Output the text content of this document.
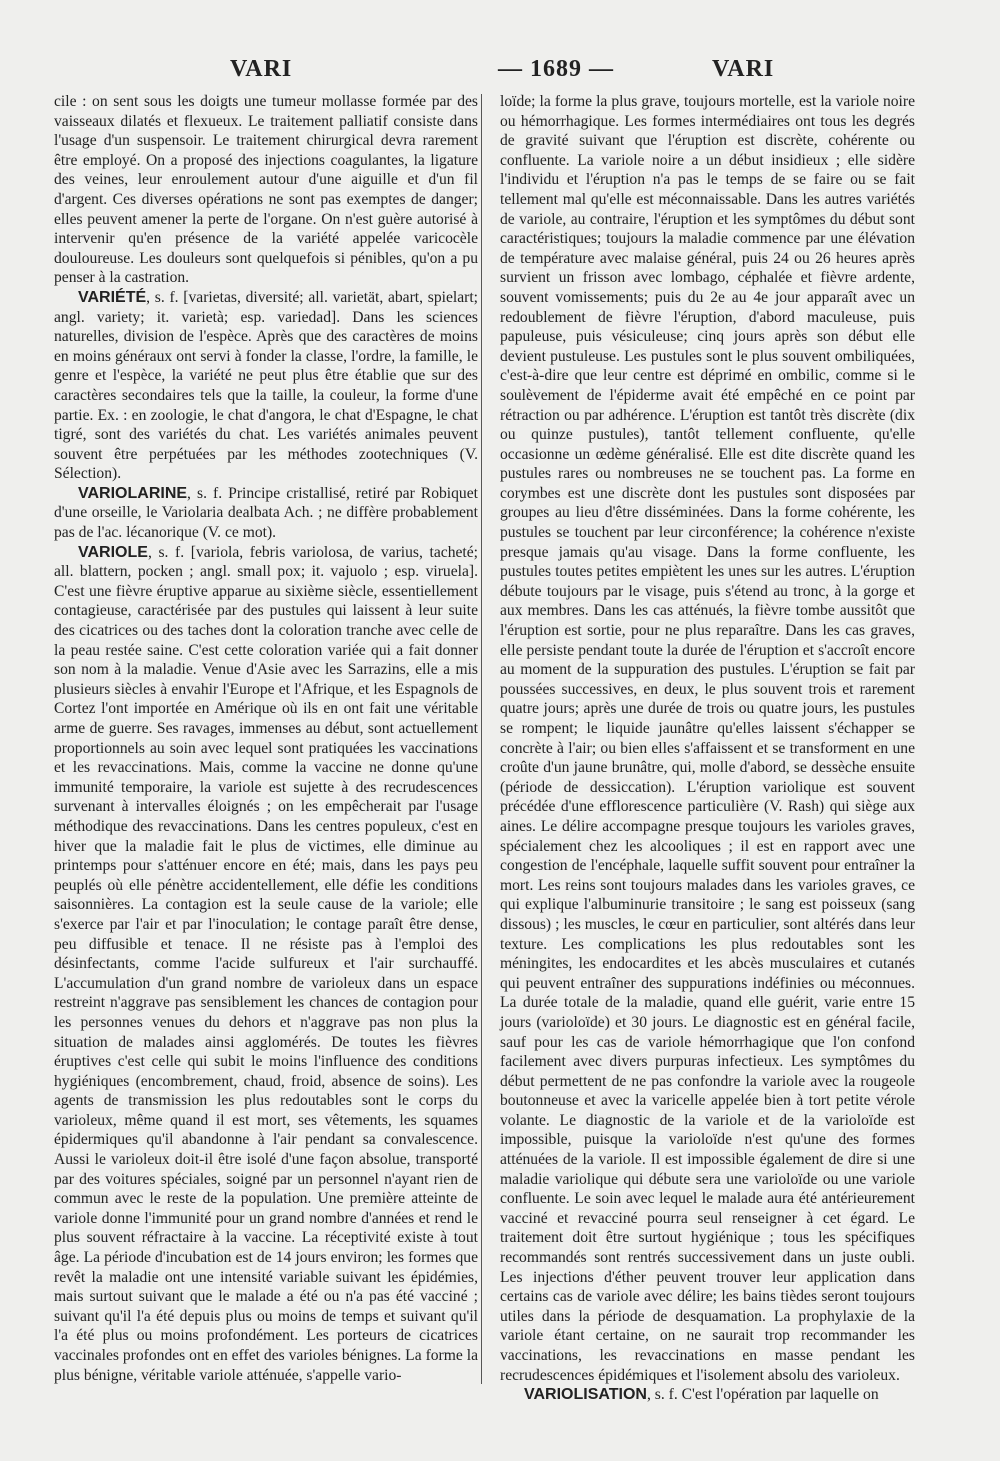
VARI	— 1689 —	VARI

cile : on sent sous les doigts une tumeur mollasse formée par des vaisseaux dilatés et flexueux. Le traitement palliatif consiste dans l'usage d'un suspensoir. Le traitement chirurgical devra rarement être employé. On a proposé des injections coagulantes, la ligature des veines, leur enroulement autour d'une aiguille et d'un fil d'argent. Ces diverses opérations ne sont pas exemptes de danger; elles peuvent amener la perte de l'organe. On n'est guère autorisé à intervenir qu'en présence de la variété appelée varicocèle douloureuse. Les douleurs sont quelquefois si pénibles, qu'on a pu penser à la castration.

VARIÉTÉ, s. f. [varietas, diversité; all. varietät, abart, spielart; angl. variety; it. varietà; esp. variedad]. Dans les sciences naturelles, division de l'espèce. Après que des caractères de moins en moins généraux ont servi à fonder la classe, l'ordre, la famille, le genre et l'espèce, la variété ne peut plus être établie que sur des caractères secondaires tels que la taille, la couleur, la forme d'une partie. Ex. : en zoologie, le chat d'angora, le chat d'Espagne, le chat tigré, sont des variétés du chat. Les variétés animales peuvent souvent être perpétuées par les méthodes zootechniques (V. Sélection).

VARIOLARINE, s. f. Principe cristallisé, retiré par Robiquet d'une orseille, le Variolaria dealbata Ach. ; ne diffère probablement pas de l'ac. lécanorique (V. ce mot).

VARIOLE, s. f. [variola, febris variolosa, de varius, tacheté; all. blattern, pocken ; angl. small pox; it. vajuolo ; esp. viruela]. C'est une fièvre éruptive apparue au sixième siècle, essentiellement contagieuse, caractérisée par des pustules qui laissent à leur suite des cicatrices ou des taches dont la coloration tranche avec celle de la peau restée saine. C'est cette coloration variée qui a fait donner son nom à la maladie. Venue d'Asie avec les Sarrazins, elle a mis plusieurs siècles à envahir l'Europe et l'Afrique, et les Espagnols de Cortez l'ont importée en Amérique où ils en ont fait une véritable arme de guerre. Ses ravages, immenses au début, sont actuellement proportionnels au soin avec lequel sont pratiquées les vaccinations et les revaccinations. Mais, comme la vaccine ne donne qu'une immunité temporaire, la variole est sujette à des recrudescences survenant à intervalles éloignés ; on les empêcherait par l'usage méthodique des revaccinations. Dans les centres populeux, c'est en hiver que la maladie fait le plus de victimes, elle diminue au printemps pour s'atténuer encore en été; mais, dans les pays peu peuplés où elle pénètre accidentellement, elle défie les conditions saisonnières. La contagion est la seule cause de la variole; elle s'exerce par l'air et par l'inoculation; le contagе paraît être dense, peu diffusible et tenace. Il ne résiste pas à l'emploi des désinfectants, comme l'acide sulfureux et l'air surchauffé. L'accumulation d'un grand nombre de varioleux dans un espace restreint n'aggrave pas sensiblement les chances de contagion pour les personnes venues du dehors et n'aggrave pas non plus la situation de malades ainsi agglomérés. De toutes les fièvres éruptives c'est celle qui subit le moins l'influence des conditions hygiéniques (encombrement, chaud, froid, absence de soins). Les agents de transmission les plus redoutables sont le corps du varioleux, même quand il est mort, ses vêtements, les squames épidermiques qu'il abandonne à l'air pendant sa convalescence. Aussi le varioleux doit-il être isolé d'une façon absolue, transporté par des voitures spéciales, soigné par un personnel n'ayant rien de commun avec le reste de la population. Une première atteinte de variole donne l'immunité pour un grand nombre d'années et rend le plus souvent réfractaire à la vaccine. La réceptivité existe à tout âge. La période d'incubation est de 14 jours environ; les formes que revêt la maladie ont une intensité variable suivant les épidémies, mais surtout suivant que le malade a été ou n'a pas été vacciné ; suivant qu'il l'a été depuis plus ou moins de temps et suivant qu'il l'a été plus ou moins profondément. Les porteurs de cicatrices vaccinales profondes ont en effet des varioles bénignes. La forme la plus bénigne, véritable variole atténuée, s'appelle vario-

loïde; la forme la plus grave, toujours mortelle, est la variole noire ou hémorrhagique. Les formes intermédiaires ont tous les degrés de gravité suivant que l'éruption est discrète, cohérente ou confluente. La variole noire a un début insidieux ; elle sidère l'individu et l'éruption n'a pas le temps de se faire ou se fait tellement mal qu'elle est méconnaissable. Dans les autres variétés de variole, au contraire, l'éruption et les symptômes du début sont caractéristiques; toujours la maladie commence par une élévation de température avec malaise général, puis 24 ou 26 heures après survient un frisson avec lombago, céphalée et fièvre ardente, souvent vomissements; puis du 2e au 4e jour apparaît avec un redoublement de fièvre l'éruption, d'abord maculeuse, puis papuleuse, puis vésiculeuse; cinq jours après son début elle devient pustuleuse. Les pustules sont le plus souvent ombiliquées, c'est-à-dire que leur centre est déprimé en ombilic, comme si le soulèvement de l'épiderme avait été empêché en ce point par rétraction ou par adhérence. L'éruption est tantôt très discrète (dix ou quinze pustules), tantôt tellement confluente, qu'elle occasionne un œdème généralisé. Elle est dite discrète quand les pustules rares ou nombreuses ne se touchent pas. La forme en corymbes est une discrète dont les pustules sont disposées par groupes au lieu d'être disséminées. Dans la forme cohérente, les pustules se touchent par leur circonférence; la cohérence n'existe presque jamais qu'au visage. Dans la forme confluente, les pustules toutes petites empiètent les unes sur les autres. L'éruption débute toujours par le visage, puis s'étend au tronc, à la gorge et aux membres. Dans les cas atténués, la fièvre tombe aussitôt que l'éruption est sortie, pour ne plus reparaître. Dans les cas graves, elle persiste pendant toute la durée de l'éruption et s'accroît encore au moment de la suppuration des pustules. L'éruption se fait par poussées successives, en deux, le plus souvent trois et rarement quatre jours; après une durée de trois ou quatre jours, les pustules se rompent; le liquide jaunâtre qu'elles laissent s'échapper se concrète à l'air; ou bien elles s'affaissent et se transforment en une croûte d'un jaune brunâtre, qui, molle d'abord, se dessèche ensuite (période de dessiccation). L'éruption variolique est souvent précédée d'une efflorescence particulière (V. Rash) qui siège aux aines. Le délire accompagne presque toujours les varioles graves, spécialement chez les alcooliques ; il est en rapport avec une congestion de l'encéphale, laquelle suffit souvent pour entraîner la mort. Les reins sont toujours malades dans les varioles graves, ce qui explique l'albuminurie transitoire ; le sang est poisseux (sang dissous) ; les muscles, le cœur en particulier, sont altérés dans leur texture. Les complications les plus redoutables sont les méningites, les endocardites et les abcès musculaires et cutanés qui peuvent entraîner des suppurations indéfinies ou méconnues. La durée totale de la maladie, quand elle guérit, varie entre 15 jours (varioloïde) et 30 jours. Le diagnostic est en général facile, sauf pour les cas de variole hémorrhagique que l'on confond facilement avec divers purpuras infectieux. Les symptômes du début permettent de ne pas confondre la variole avec la rougeole boutonneuse et avec la varicelle appelée bien à tort petite vérole volante. Le diagnostic de la variole et de la varioloïde est impossible, puisque la varioloïde n'est qu'une des formes atténuées de la variole. Il est impossible également de dire si une maladie variolique qui débute sera une varioloïde ou une variole confluente. Le soin avec lequel le malade aura été antérieurement vacciné et revacciné pourra seul renseigner à cet égard. Le traitement doit être surtout hygiénique ; tous les spécifiques recommandés sont rentrés successivement dans un juste oubli. Les injections d'éther peuvent trouver leur application dans certains cas de variole avec délire; les bains tièdes seront toujours utiles dans la période de desquamation. La prophylaxie de la variole étant certaine, on ne saurait trop recommander les vaccinations, les revaccinations en masse pendant les recrudescences épidémiques et l'isolement absolu des varioleux.

VARIOLISATION, s. f. C'est l'opération par laquelle on
